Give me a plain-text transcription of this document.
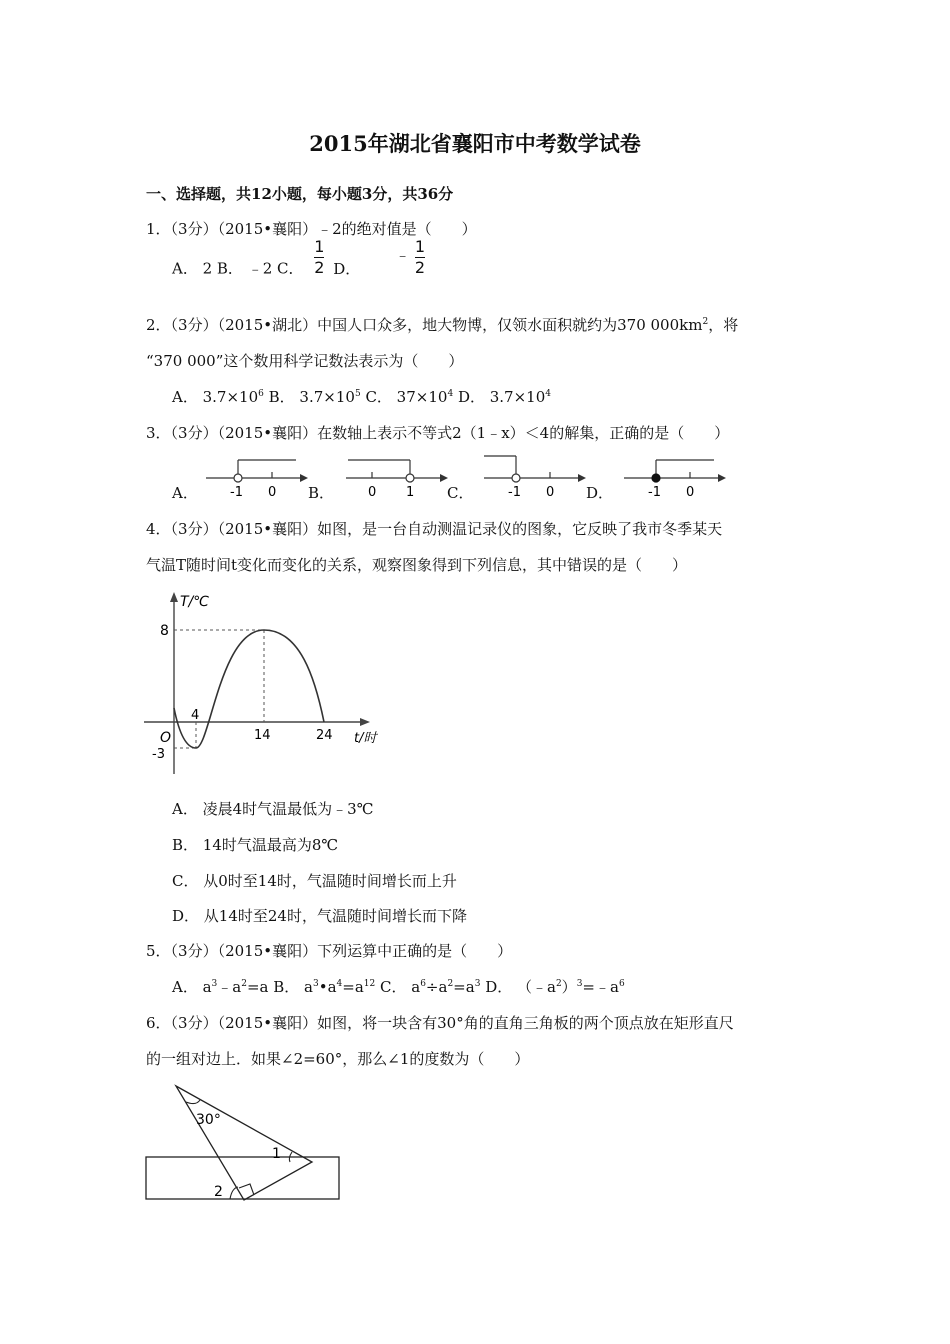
2015年湖北省襄阳市中考数学试卷
一、选择题，共12小题，每小题3分，共36分
1．（3分）（2015•襄阳）﹣2的绝对值是（　　）
A． 2 B． ﹣2 C． $\frac{1}{2}$ D． ﹣ $\frac{1}{2}$
2．（3分）（2015•湖北）中国人口众多，地大物博，仅领水面积就约为370 $000km^2$，将
“370 000”这个数用科学记数法表示为（　　）
A． $3.7\times 10^6$ B． $3.7\times 10^5$ C． $37\times 10^4$ D． $3.7\times 10^4$
3．（3分）（2015•襄阳）在数轴上表示不等式2（1﹣x）＜4的解集，正确的是（　　）
A． -1 0 B．	0 1 C．	-1 0 D．	-1 0
4．（3分）（2015•襄阳）如图，是一台自动测温记录仪的图象，它反映了我市冬季某天
气温T随时间t变化而变化的关系，观察图象得到下列信息，其中错误的是（　　）
T/℃
t/时
O
8
-3
4
14	24
A． 凌晨4时气温最低为﹣3℃
B． 14时气温最高为8℃
C． 从0时至14时，气温随时间增长而上升
D． 从14时至24时，气温随时间增长而下降
5．（3分）（2015•襄阳）下列运算中正确的是（　　）
A． $a^3﹣a^2=a$ B． $a^3•a^4=a^{12}$ C． $a^6\div a^2=a^3$ D． $(﹣a^2)^3=﹣a^6$
6．（3分）（2015•襄阳）如图，将一块含有30°角的直角三角板的两个顶点放在矩形直尺
的一组对边上．如果∠2=60°，那么∠1的度数为（　　）
30°
1
2
